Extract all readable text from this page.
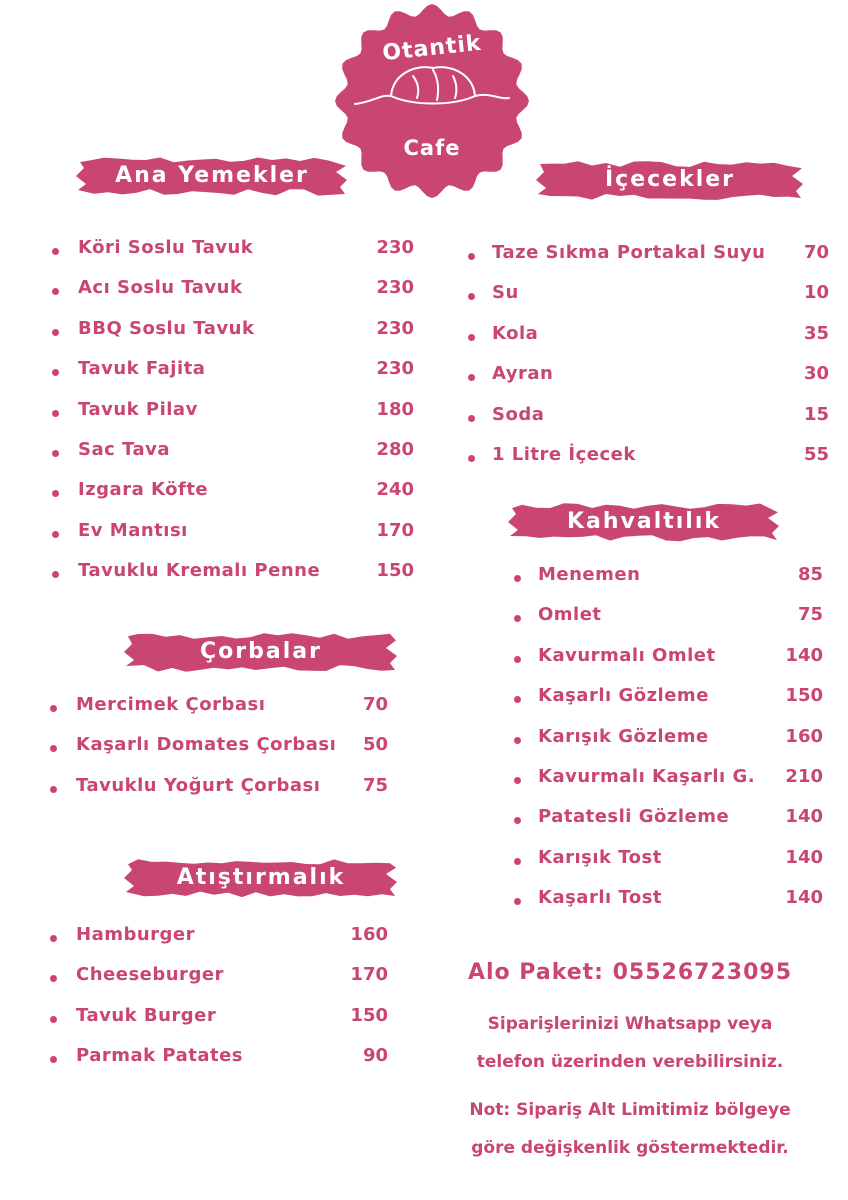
Otantik
Cafe
Ana Yemekler	İçecekler
Kahvaltılık
Çorbalar
Atıştırmalık
Köri Soslu Tavuk	230
Acı Soslu Tavuk	230
BBQ Soslu Tavuk	230
Tavuk Fajita	230
Tavuk Pilav	180
Sac Tava	280
Izgara Köfte	240
Ev Mantısı	170
Tavuklu Kremalı Penne	150
Mercimek Çorbası	70
Kaşarlı Domates Çorbası 50
Tavuklu Yoğurt Çorbası 75
Hamburger	160
Cheeseburger	170
Tavuk Burger	150
Parmak Patates	90
Taze Sıkma Portakal Suyu 70
Su	10
Kola	35
Ayran	30
Soda	15
1 Litre İçecek	55
Menemen	85
Omlet	75
Kavurmalı Omlet	140
Kaşarlı Gözleme	150
Karışık Gözleme	160
Kavurmalı Kaşarlı G. 210
Patatesli Gözleme	140
Karışık Tost	140
Kaşarlı Tost	140
Alo Paket: 05526723095
Siparişlerinizi Whatsapp veya
telefon üzerinden verebilirsiniz.
Not: Sipariş Alt Limitimiz bölgeye
göre değişkenlik göstermektedir.
